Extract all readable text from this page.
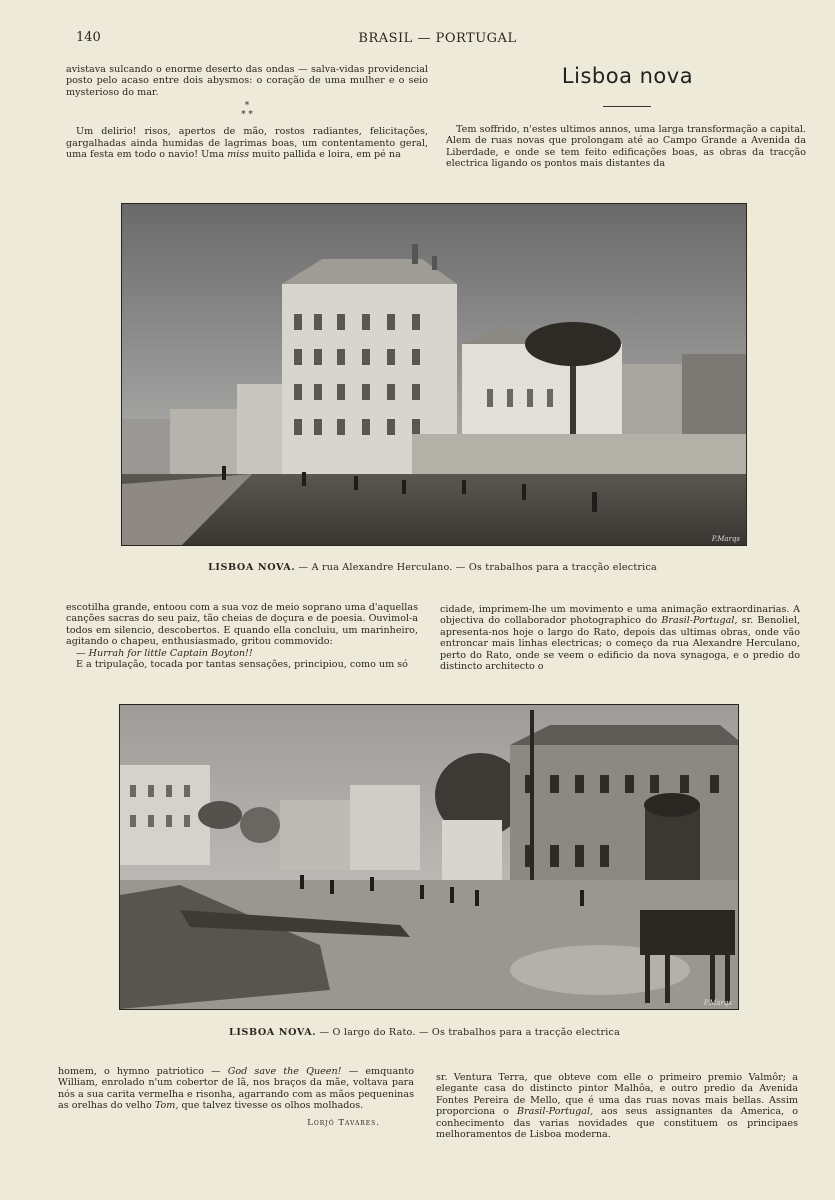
140	BRASIL — PORTUGAL

avistava sulcando o enorme deserto das ondas — salva-vidas providencial posto pelo acaso entre dois abysmos: o coração de uma mulher e o seio mysterioso do mar.

*
* *

Um delirio! risos, apertos de mão, rostos radiantes, felicitações, gargalhadas ainda humidas de lagrimas boas, um contentamento geral, uma festa em todo o navio! Uma miss muito pallida e loira, em pé na

Lisboa nova

Tem soffrido, n'estes ultimos annos, uma larga transformação a capital. Alem de ruas novas que prolongam até ao Campo Grande a Avenida da Liberdade, e onde se tem feito edificações boas, as obras da tracção electrica ligando os pontos mais distantes da

P.Marqs
LISBOA NOVA. — A rua Alexandre Herculano. — Os trabalhos para a tracção electrica

escotilha grande, entoou com a sua voz de meio soprano uma d'aquellas canções sacras do seu paiz, tão cheias de doçura e de poesia. Ouvimol-a todos em silencio, descobertos. E quando ella concluiu, um marinheiro, agitando o chapeu, enthusiasmado, gritou commovido:

— Hurrah for little Captain Boyton!!

E a tripulação, tocada por tantas sensações, principiou, como um só

cidade, imprimem-lhe um movimento e uma animação extraordinarias. A objectiva do collaborador photographico do Brasil-Portugal, sr. Benoliel, apresenta-nos hoje o largo do Rato, depois das ultimas obras, onde vão entroncar mais linhas electricas; o começo da rua Alexandre Herculano, perto do Rato, onde se veem o edificio da nova synagoga, e o predio do distincto architecto o

P.Marqs
LISBOA NOVA. — O largo do Rato. — Os trabalhos para a tracção electrica

homem, o hymno patriotico — God save the Queen! — emquanto William, enrolado n'um cobertor de lã, nos braços da mãe, voltava para nós a sua carita vermelha e risonha, agarrando com as mãos pequeninas as orelhas do velho Tom, que talvez tivesse os olhos molhados.

Lorjó Tavares.

sr. Ventura Terra, que obteve com elle o primeiro premio Valmôr; a elegante casa do distincto pintor Malhôa, e outro predio da Avenida Fontes Pereira de Mello, que é uma das ruas novas mais bellas. Assim proporciona o Brasil-Portugal, aos seus assignantes da America, o conhecimento das varias novidades que constituem os principaes melhoramentos de Lisboa moderna.
